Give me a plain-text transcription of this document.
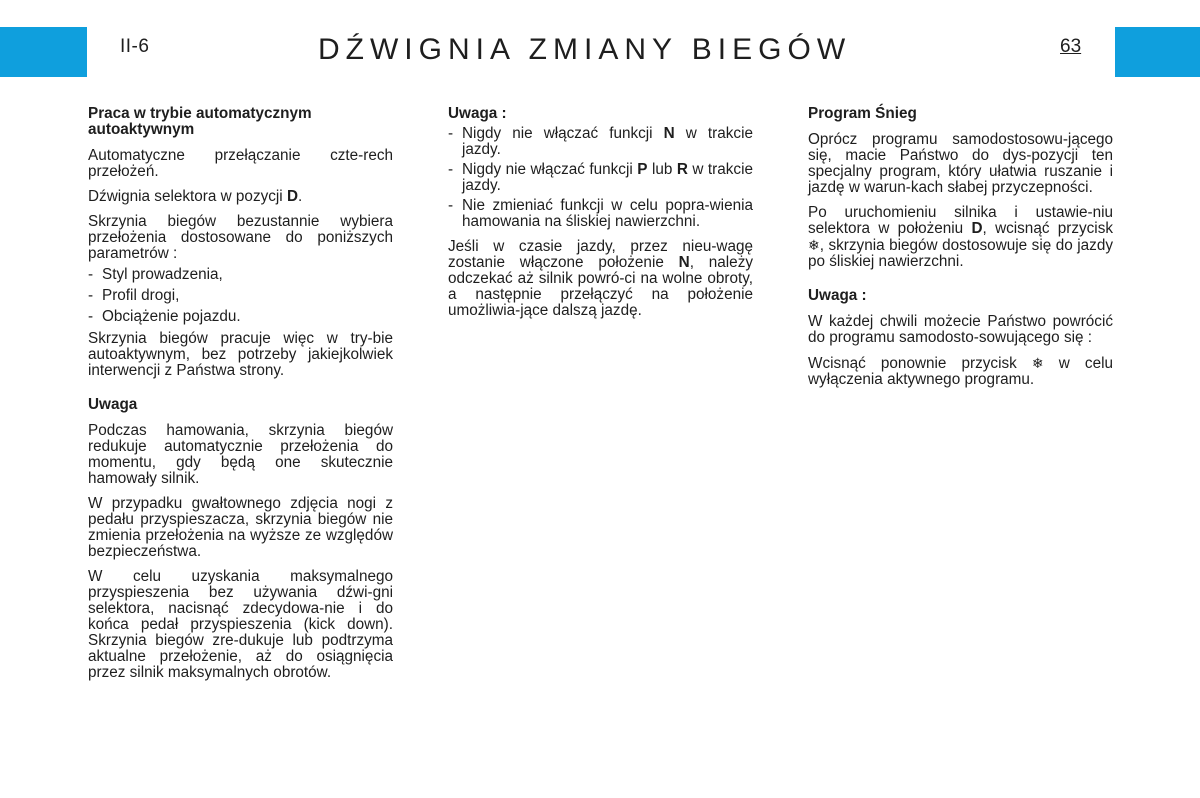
II-6	DŹWIGNIA ZMIANY BIEGÓW	63
Praca w trybie automatycznym autoaktywnym

Automatyczne przełączanie czte-rech przełożeń.

Dźwignia selektora w pozycji D.

Skrzynia biegów bezustannie wybiera przełożenia dostosowane do poniższych parametrów :

- Styl prowadzenia,
- Profil drogi,
- Obciążenie pojazdu.

Skrzynia biegów pracuje więc w try-bie autoaktywnym, bez potrzeby jakiejkolwiek interwencji z Państwa strony.

Uwaga

Podczas hamowania, skrzynia biegów redukuje automatycznie przełożenia do momentu, gdy będą one skutecznie hamowały silnik.

W przypadku gwałtownego zdjęcia nogi z pedału przyspieszacza, skrzynia biegów nie zmienia przełożenia na wyższe ze względów bezpieczeństwa.

W celu uzyskania maksymalnego przyspieszenia bez używania dźwi-gni selektora, nacisnąć zdecydowa-nie i do końca pedał przyspieszenia (kick down). Skrzynia biegów zre-dukuje lub podtrzyma aktualne przełożenie, aż do osiągnięcia przez silnik maksymalnych obrotów.

Uwaga :
- Nigdy nie włączać funkcji N w trakcie jazdy.
- Nigdy nie włączać funkcji P lub R w trakcie jazdy.
- Nie zmieniać funkcji w celu popra-wienia hamowania na śliskiej nawierzchni.

Jeśli w czasie jazdy, przez nieu-wagę zostanie włączone położenie N, należy odczekać aż silnik powró-ci na wolne obroty, a następnie przełączyć na położenie umożliwia-jące dalszą jazdę.

Program Śnieg

Oprócz programu samodostosowu-jącego się, macie Państwo do dys-pozycji ten specjalny program, który ułatwia ruszanie i jazdę w warun-kach słabej przyczepności.

Po uruchomieniu silnika i ustawie-niu selektora w położeniu D, wcisnąć przycisk ❄, skrzynia biegów dostosowuje się do jazdy po śliskiej nawierzchni.

Uwaga :

W każdej chwili możecie Państwo powrócić do programu samodosto-sowującego się :

Wcisnąć ponownie przycisk ❄ w celu wyłączenia aktywnego programu.
